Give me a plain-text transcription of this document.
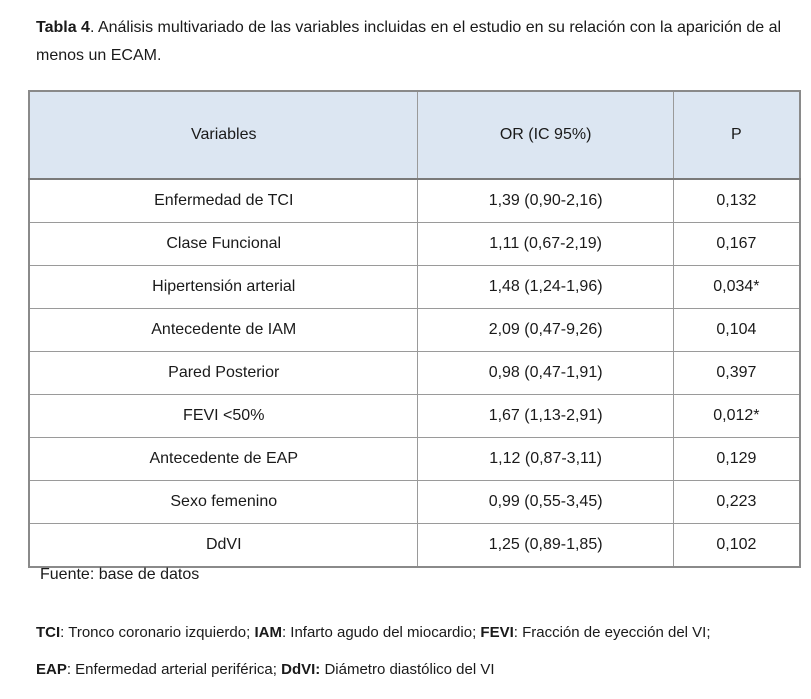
Tabla 4. Análisis multivariado de las variables incluidas en el estudio en su relación con la aparición de al menos un ECAM.
Variables	OR (IC 95%)	P
Enfermedad de TCI	1,39 (0,90-2,16)	0,132
Clase Funcional	1,11 (0,67-2,19)	0,167
Hipertensión arterial	1,48 (1,24-1,96)	0,034*
Antecedente de IAM	2,09 (0,47-9,26)	0,104
Pared Posterior	0,98 (0,47-1,91)	0,397
FEVI <50%	1,67 (1,13-2,91)	0,012*
Antecedente de EAP	1,12 (0,87-3,11)	0,129
Sexo femenino	0,99 (0,55-3,45)	0,223
DdVI	1,25 (0,89-1,85)	0,102
Fuente: base de datos
TCI: Tronco coronario izquierdo; IAM: Infarto agudo del miocardio; FEVI: Fracción de eyección del VI;
EAP: Enfermedad arterial periférica; DdVI: Diámetro diastólico del VI
